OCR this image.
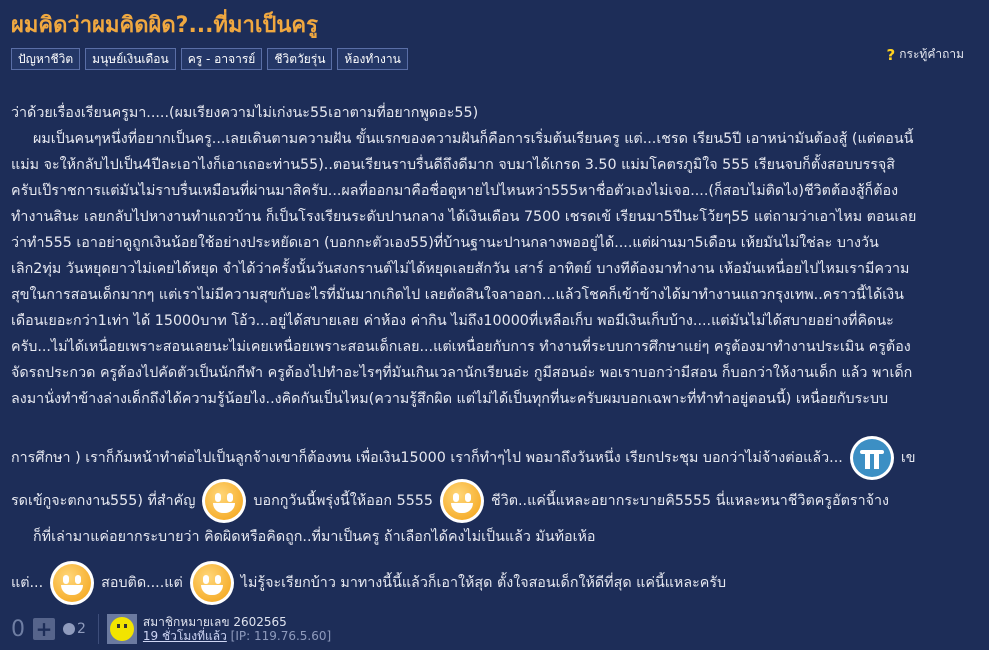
ผมคิดว่าผมคิดผิด?...ที่มาเป็นครู
ปัญหาชีวิต	มนุษย์เงินเดือน	ครู - อาจารย์	ชีวิตวัยรุ่น	ห้องทำงาน	? กระทู้คำถาม
ว่าด้วยเรื่องเรียนครูมา.....(ผมเรียงความไม่เก่งนะ55เอาตามที่อยากพูดอะ55)
ผมเป็นคนๆหนึ่งที่อยากเป็นครู...เลยเดินตามความฝัน ขั้นแรกของความฝันก็คือการเริ่มต้นเรียนครู แต่...เชรด เรียน5ปี เอาหน่ามันต้องสู้ (แต่ตอนนี้
แม่ม จะให้กลับไปเป็น4ปีละเอาไงก็เอาเถอะท่าน55)..ตอนเรียนราบรื่นดีถึงดีมาก จบมาได้เกรด 3.50 แม่มโคตรภูมิใจ 555 เรียนจบก็ตั้งสอบบรรจุสิ
ครับเป๊ราชการแต่มันไม่ราบรื่นเหมือนที่ผ่านมาสิครับ...ผลที่ออกมาคือชื่อตูหายไปไหนหว่า555หาชื่อตัวเองไม่เจอ....(ก็สอบไม่ติดไง)ชีวิตต้องสู้ก็ต้อง
ทำงานสินะ เลยกลับไปหางานทำแถวบ้าน ก็เป็นโรงเรียนระดับปานกลาง ได้เงินเดือน 7500 เชรดเข้ เรียนมา5ปีนะโว้ยๆ55 แต่ถามว่าเอาไหม ตอนเลย
ว่าทำ555 เอาอย่าดูถูกเงินน้อยใช้อย่างประหยัดเอา (บอกกะตัวเอง55)ที่บ้านฐานะปานกลางพออยู่ได้....แต่ผ่านมา5เดือน เห้ยมันไม่ใช่ละ บางวัน
เลิก2ทุ่ม วันหยุดยาวไม่เคยได้หยุด จำได้ว่าครั้งนั้นวันสงกรานต์ไม่ได้หยุดเลยสักวัน เสาร์ อาทิตย์ บางทีต้องมาทำงาน เห้อมันเหนื่อยไปไหมเรามีความ
สุขในการสอนเด็กมากๆ แต่เราไม่มีความสุขกับอะไรที่มันมากเกิดไป เลยตัดสินใจลาออก...แล้วโชคก็เข้าข้างได้มาทำงานแถวกรุงเทพ..คราวนี้ได้เงิน
เดือนเยอะกว่า1เท่า ได้ 15000บาท โอ้ว...อยู่ได้สบายเลย ค่าห้อง ค่ากิน ไม่ถึง10000ที่เหลือเก็บ พอมีเงินเก็บบ้าง....แต่มันไม่ได้สบายอย่างที่คิดนะ
ครับ...ไม่ได้เหนื่อยเพราะสอนเลยนะไม่เคยเหนื่อยเพราะสอนเด็กเลย...แต่เหนื่อยกับการ ทำงานที่ระบบการศึกษาแย่ๆ ครูต้องมาทำงานประเมิน ครูต้อง
จัดรถประกวด ครูต้องไปคัดตัวเป็นนักกีฬา ครูต้องไปทำอะไรๆที่มันเกินเวลานักเรียนอ่ะ กูมีสอนอ่ะ พอเราบอกว่ามีสอน ก็บอกว่าให้งานเด็ก แล้ว พาเด็ก
ลงมานั่งทำข้างล่างเด็กถึงได้ความรู้น้อยไง..งคิดกันเป็นไหม(ความรู้สึกผิด แต่ไม่ได้เป็นทุกที่นะครับผมบอกเฉพาะที่ทำทำอยู่ตอนนี้) เหนื่อยกับระบบ
การศึกษา ) เราก็ก้มหน้าทำต่อไปเป็นลูกจ้างเขาก็ต้องทน เพื่อเงิน15000 เราก็ทำๆไป พอมาถึงวันหนึ่ง เรียกประชุม บอกว่าไม่จ้างต่อแล้ว...	เข
รดเข้กูจะตกงาน555) ที่สำคัญ	บอกกูวันนี้พรุ่งนี้ให้ออก 5555	ชีวิต..แค่นี้แหละอยากระบายคิ5555 นี่แหละหนาชีวิตครูอัตราจ้าง
ก็ที่เล่ามาแค่อยากระบายว่า คิดผิดหรือคิดถูก..ที่มาเป็นครู ถ้าเลือกได้คงไม่เป็นแล้ว มันท้อเห้อ
แต่...	สอบติด....แต่	ไม่รู้จะเรียกบ้าว มาทางนี้นี้แล้วก็เอาให้สุด ตั้งใจสอนเด็กให้ดีที่สุด แค่นี้แหละครับ
0 + 2	สมาชิกหมายเลข 2602565
19 ชั่วโมงที่แล้ว [IP: 119.76.5.60]
